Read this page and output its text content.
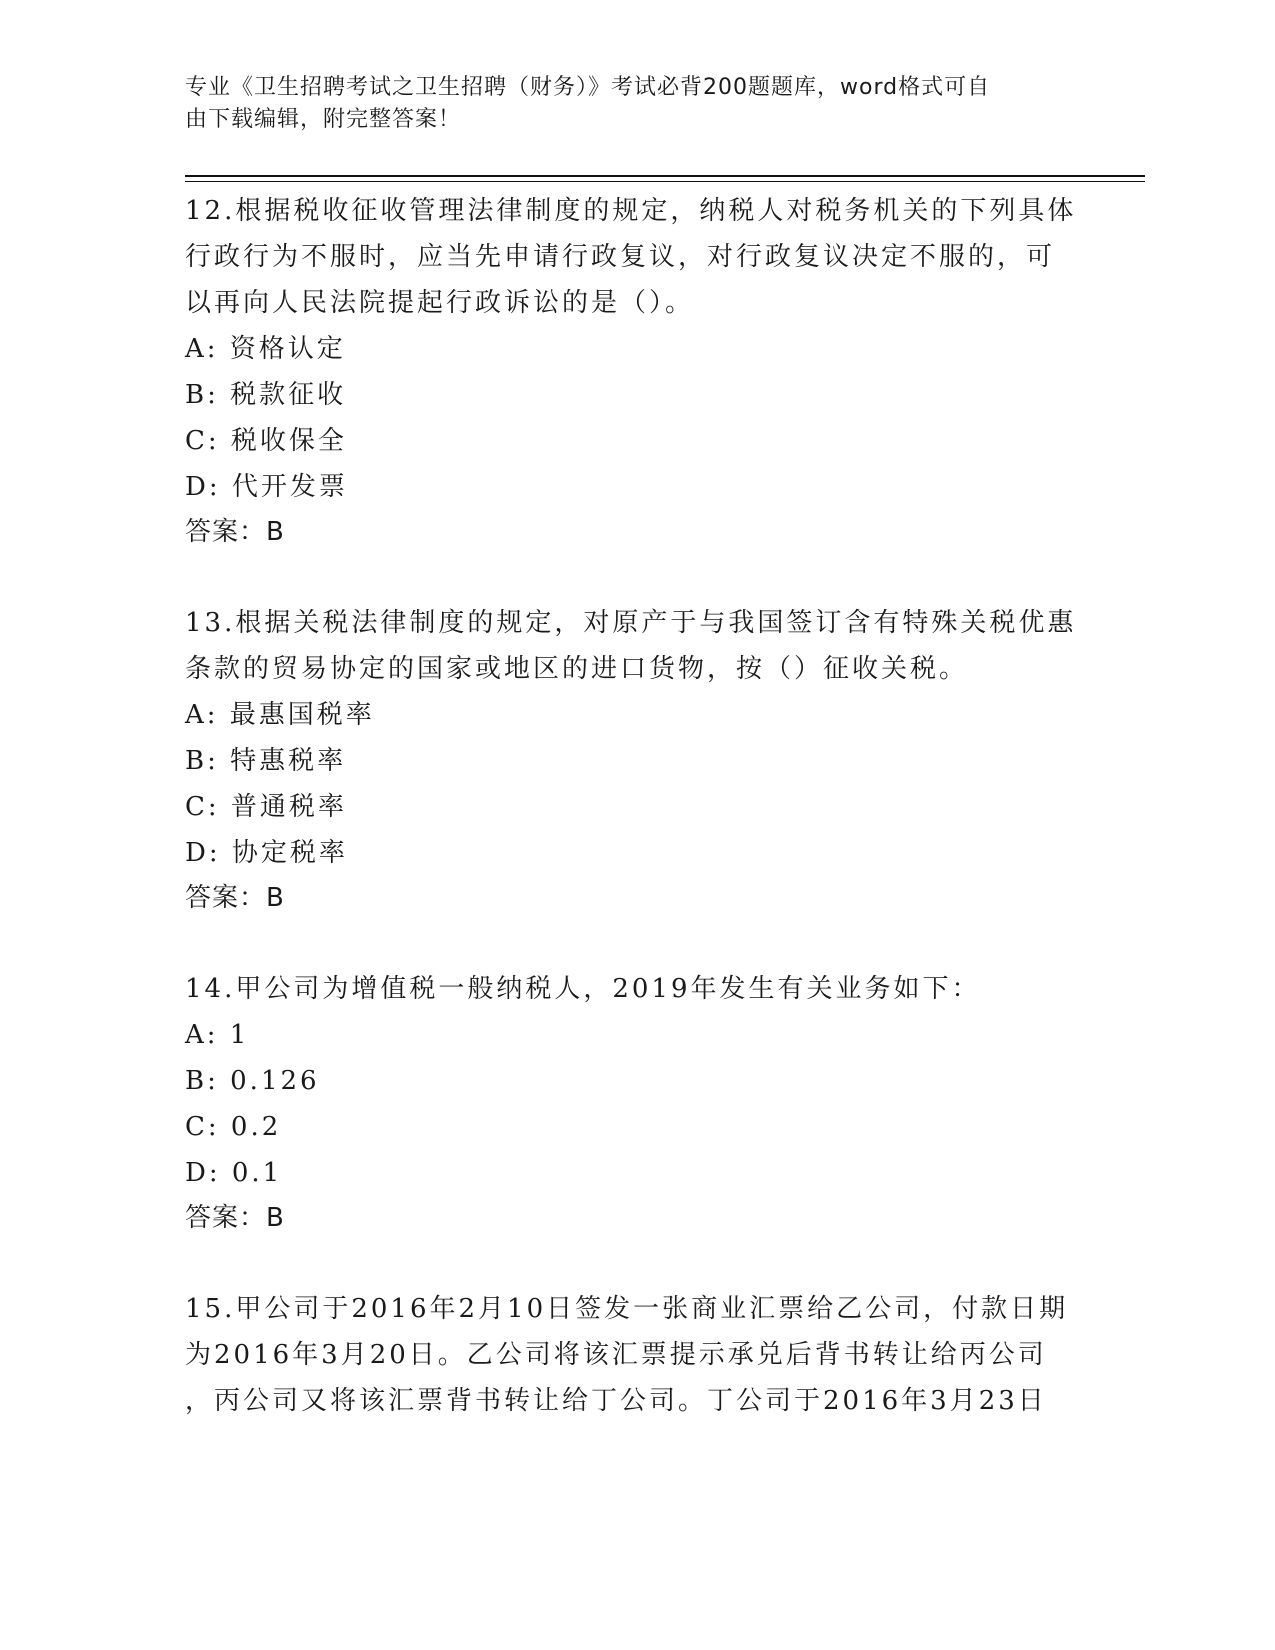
专业《卫生招聘考试之卫生招聘（财务）》考试必背200题题库，word格式可自
由下载编辑，附完整答案！

12.根据税收征收管理法律制度的规定，纳税人对税务机关的下列具体

行政行为不服时，应当先申请行政复议，对行政复议决定不服的，可

以再向人民法院提起行政诉讼的是（）。

A: 资格认定

B: 税款征收

C: 税收保全

D: 代开发票

答案：B

13.根据关税法律制度的规定，对原产于与我国签订含有特殊关税优惠

条款的贸易协定的国家或地区的进口货物，按（）征收关税。

A: 最惠国税率

B: 特惠税率

C: 普通税率

D: 协定税率

答案：B

14.甲公司为增值税一般纳税人，2019年发生有关业务如下：

A: 1

B: 0.126

C: 0.2

D: 0.1

答案：B

15.甲公司于2016年2月10日签发一张商业汇票给乙公司，付款日期

为2016年3月20日。乙公司将该汇票提示承兑后背书转让给丙公司

，丙公司又将该汇票背书转让给丁公司。丁公司于2016年3月23日
